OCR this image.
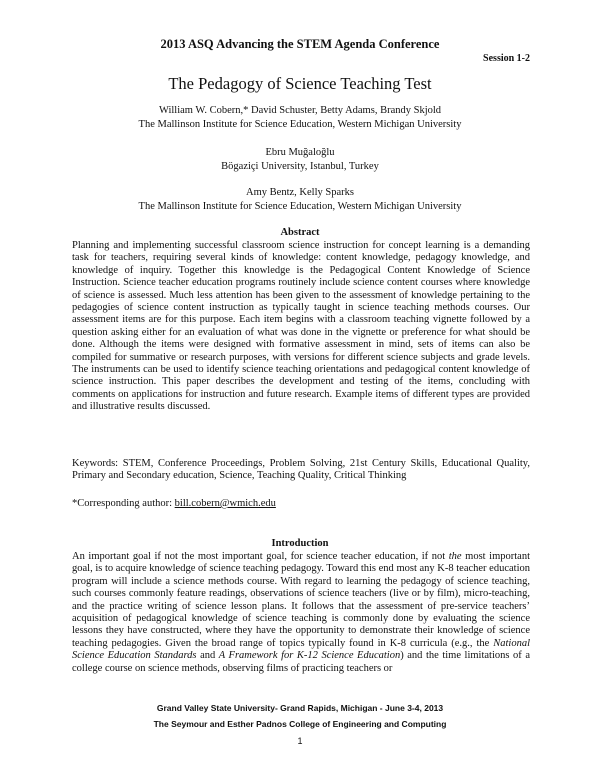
2013 ASQ Advancing the STEM Agenda Conference
Session 1-2
The Pedagogy of Science Teaching Test
William W. Cobern,* David Schuster, Betty Adams, Brandy Skjold
The Mallinson Institute for Science Education, Western Michigan University
Ebru Muğaloğlu
Bögaziçi University, Istanbul, Turkey
Amy Bentz, Kelly Sparks
The Mallinson Institute for Science Education, Western Michigan University
Abstract

Planning and implementing successful classroom science instruction for concept learning is a demanding task for teachers, requiring several kinds of knowledge: content knowledge, pedagogy knowledge, and knowledge of inquiry. Together this knowledge is the Pedagogical Content Knowledge of Science Instruction. Science teacher education programs routinely include science content courses where knowledge of science is assessed. Much less attention has been given to the assessment of knowledge pertaining to the pedagogies of science content instruction as typically taught in science teaching methods courses. Our assessment items are for this purpose. Each item begins with a classroom teaching vignette followed by a question asking either for an evaluation of what was done in the vignette or preference for what should be done. Although the items were designed with formative assessment in mind, sets of items can also be compiled for summative or research purposes, with versions for different science subjects and grade levels. The instruments can be used to identify science teaching orientations and pedagogical content knowledge of science instruction. This paper describes the development and testing of the items, concluding with comments on applications for instruction and future research. Example items of different types are provided and illustrative results discussed.

Keywords: STEM, Conference Proceedings, Problem Solving, 21st Century Skills, Educational Quality, Primary and Secondary education, Science, Teaching Quality, Critical Thinking

*Corresponding author: bill.cobern@wmich.edu

Introduction

An important goal if not the most important goal, for science teacher education, if not the most important goal, is to acquire knowledge of science teaching pedagogy. Toward this end most any K-8 teacher education program will include a science methods course. With regard to learning the pedagogy of science teaching, such courses commonly feature readings, observations of science teachers (live or by film), micro-teaching, and the practice writing of science lesson plans. It follows that the assessment of pre-service teachers’ acquisition of pedagogical knowledge of science teaching is commonly done by evaluating the science lessons they have constructed, where they have the opportunity to demonstrate their knowledge of science teaching pedagogies. Given the broad range of topics typically found in K-8 curricula (e.g., the National Science Education Standards and A Framework for K-12 Science Education) and the time limitations of a college course on science methods, observing films of practicing teachers or

Grand Valley State University- Grand Rapids, Michigan - June 3-4, 2013
The Seymour and Esther Padnos College of Engineering and Computing
1
